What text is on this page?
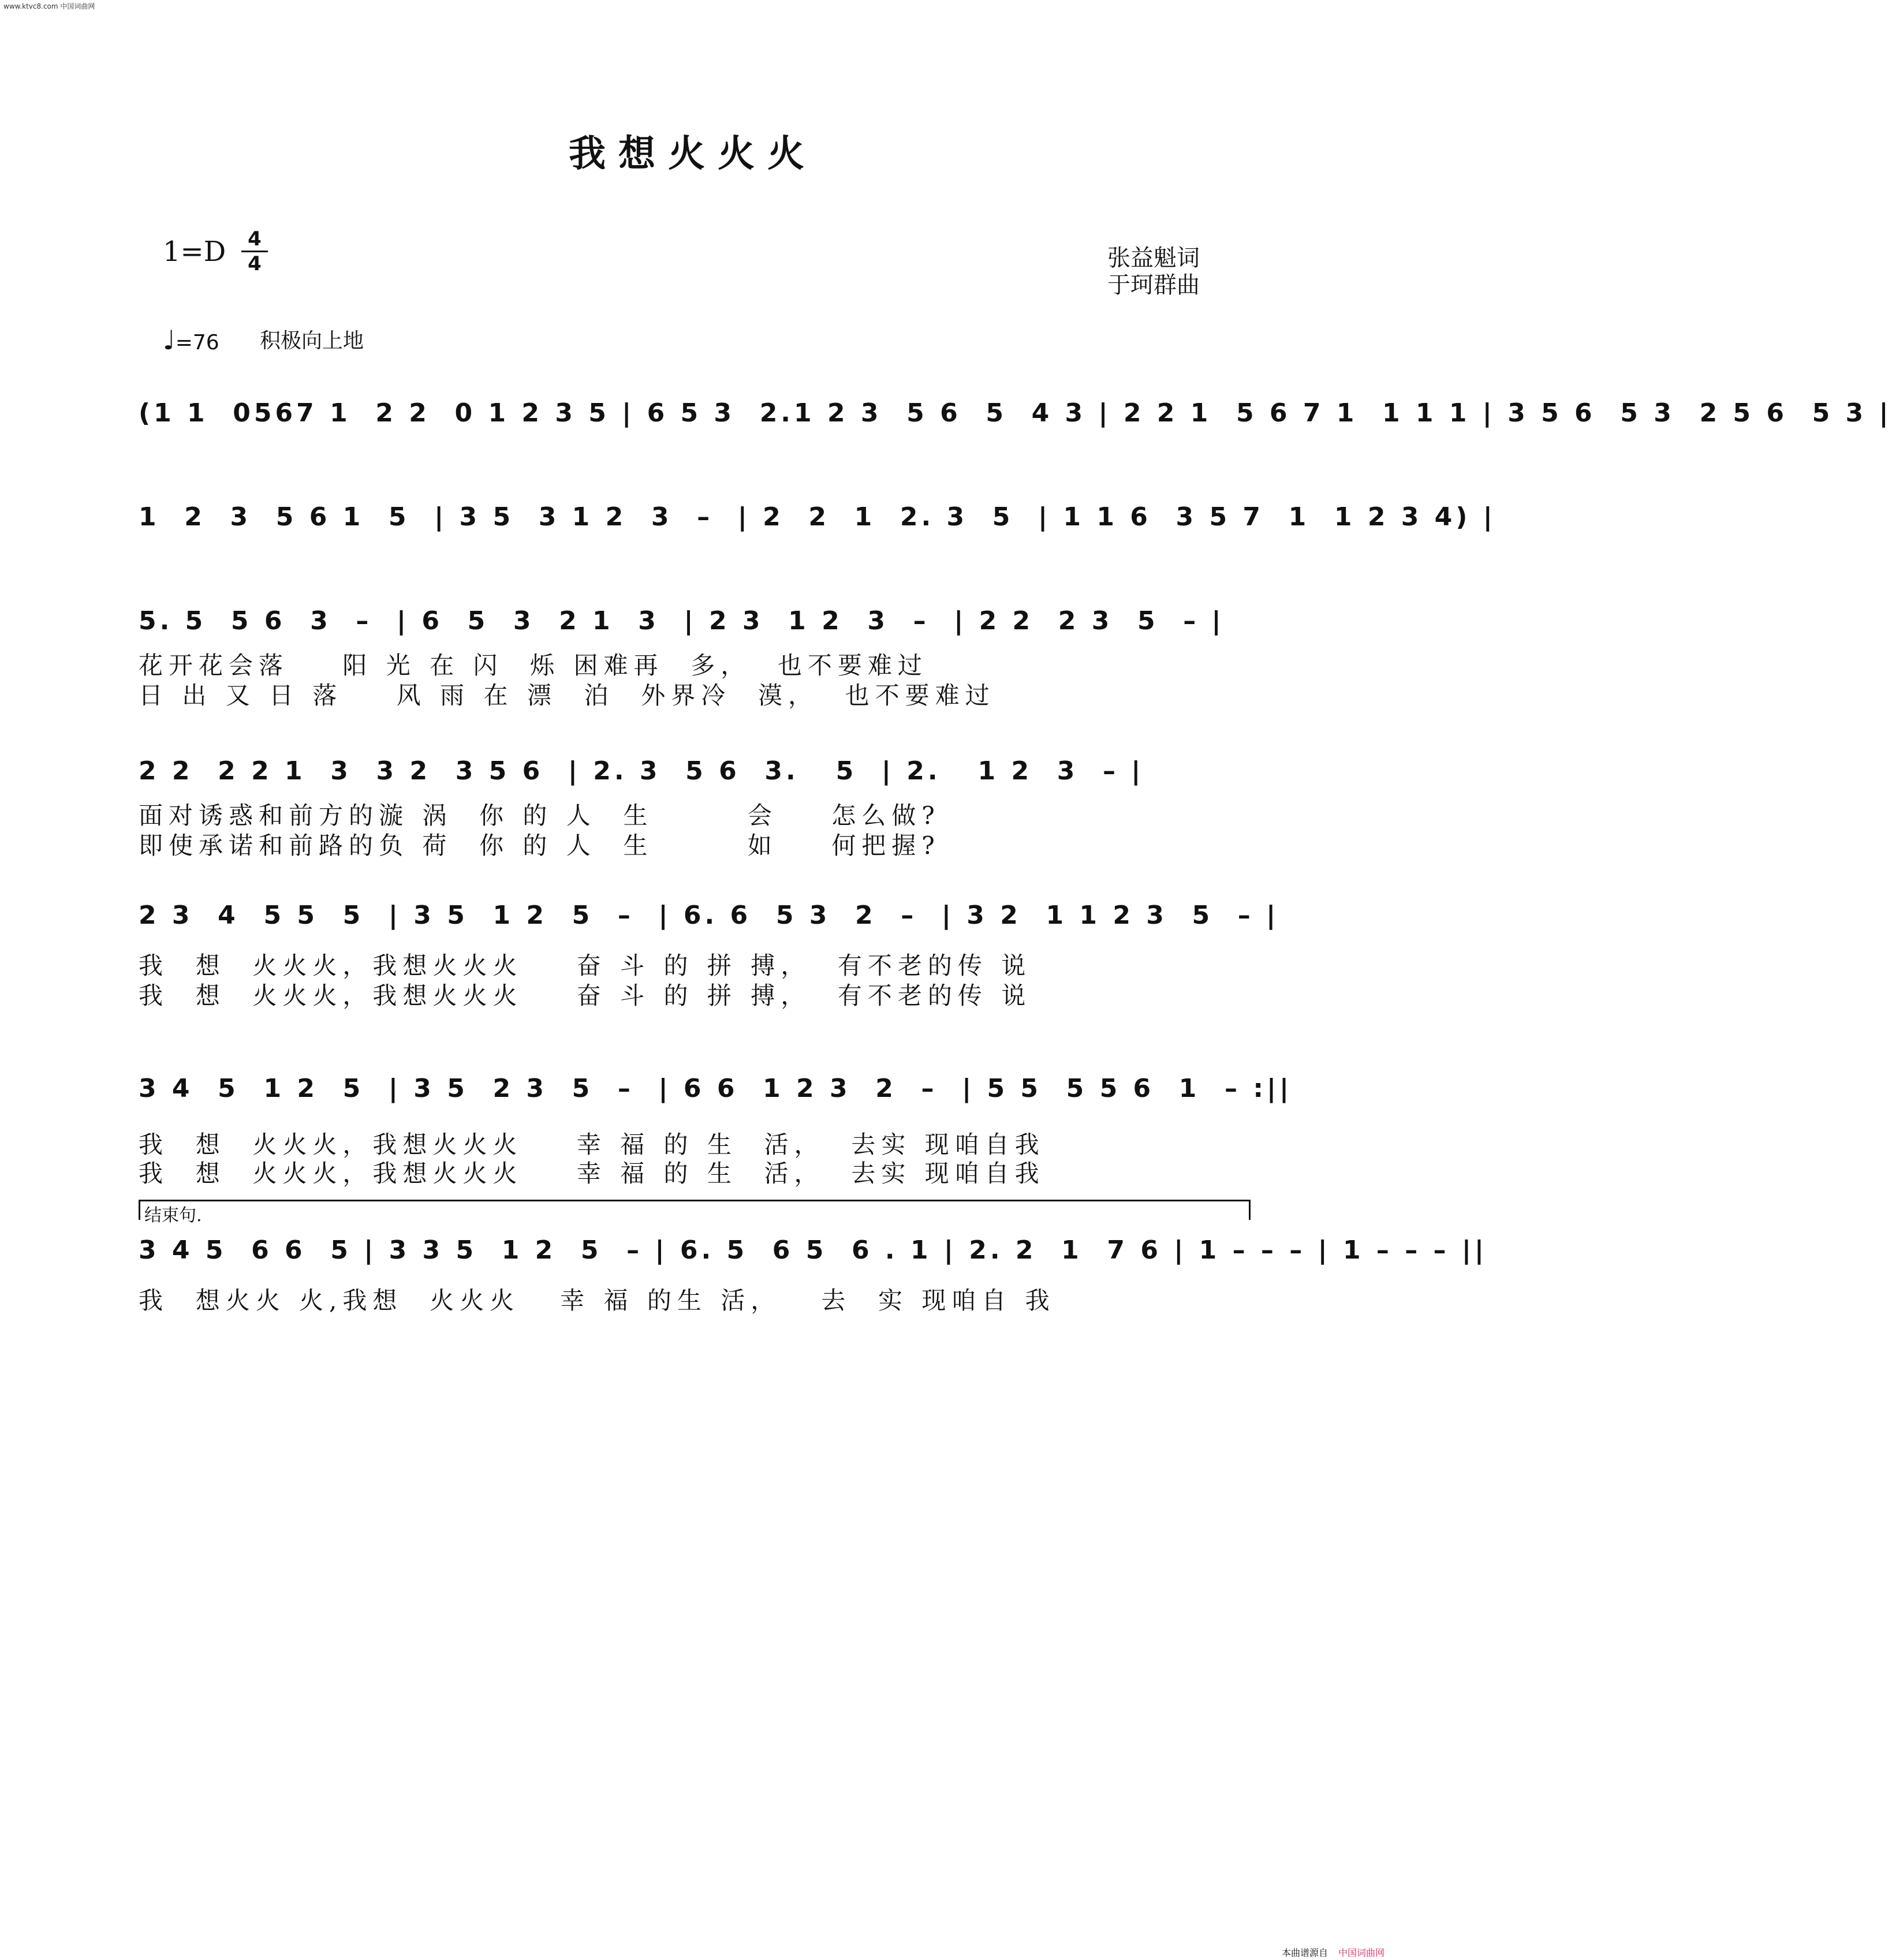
www.ktvc8.com 中国词曲网
我想火火火
1=D	4
4	张益魁词
于珂群曲
♩=76 积极向上地
(1 1  0567 1  2 2  0 1 2 3 5 | 6 5 3  2.1 2 3  5 6  5  4 3 | 2 2 1  5 6 7 1  1 1 1 | 3 5 6  5 3  2 5 6  5 3 |
1  2  3  5 6 1  5  | 3 5  3 1 2  3  –  | 2  2  1  2. 3  5  | 1 1 6  3 5 7  1  1 2 3 4) |
5. 5  5 6  3  –  | 6  5  3  2 1  3  | 2 3  1 2  3  –  | 2 2  2 3  5  – |
花开花会落    阳 光 在 闪  烁 困难再  多，  也不要难过
日 出 又 日 落    风 雨 在 漂  泊  外界冷  漠，  也不要难过
2 2  2 2 1  3  3 2  3 5 6  | 2. 3  5 6  3.   5  | 2.   1 2  3  – |
面对诱惑和前方的漩 涡  你 的 人  生       会    怎么做?
即使承诺和前路的负 荷  你 的 人  生       如    何把握?
2 3  4  5 5  5  | 3 5  1 2  5  –  | 6. 6  5 3  2  –  | 3 2  1 1 2 3  5  – |
我  想  火火火，我想火火火    奋 斗 的 拼 搏，  有不老的传 说
我  想  火火火，我想火火火    奋 斗 的 拼 搏，  有不老的传 说
3 4  5  1 2  5  | 3 5  2 3  5  –  | 6 6  1 2 3  2  –  | 5 5  5 5 6  1  – :||
我  想  火火火，我想火火火    幸 福 的 生  活，  去实 现咱自我
我  想  火火火，我想火火火    幸 福 的 生  活，  去实 现咱自我
结束句.
3 4 5  6 6  5 | 3 3 5  1 2  5  – | 6. 5  6 5  6 . 1 | 2. 2  1  7 6 | 1 – – – | 1 – – – ||
我  想火火 火,我想  火火火   幸 福 的生 活，   去  实 现咱自 我
本曲谱源自 中国词曲网
